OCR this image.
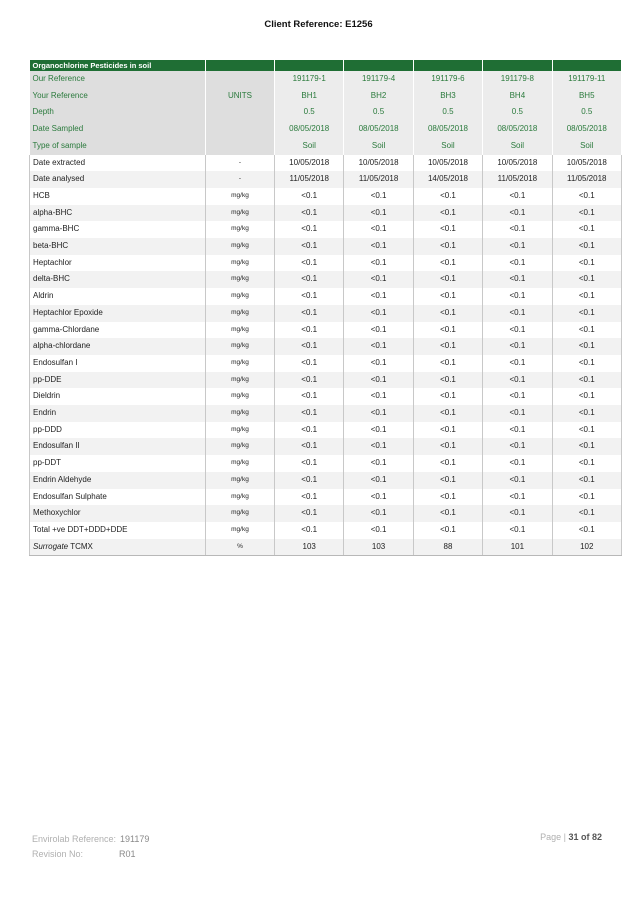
Client Reference: E1256
Organochlorine Pesticides in soil						
Our Reference		191179-1	191179-4	191179-6	191179-8	191179-11
Your Reference	UNITS	BH1	BH2	BH3	BH4	BH5
Depth		0.5	0.5	0.5	0.5	0.5
Date Sampled		08/05/2018	08/05/2018	08/05/2018	08/05/2018	08/05/2018
Type of sample		Soil	Soil	Soil	Soil	Soil
Date extracted	-	10/05/2018	10/05/2018	10/05/2018	10/05/2018	10/05/2018
Date analysed	-	11/05/2018	11/05/2018	14/05/2018	11/05/2018	11/05/2018
HCB	mg/kg	<0.1	<0.1	<0.1	<0.1	<0.1
alpha-BHC	mg/kg	<0.1	<0.1	<0.1	<0.1	<0.1
gamma-BHC	mg/kg	<0.1	<0.1	<0.1	<0.1	<0.1
beta-BHC	mg/kg	<0.1	<0.1	<0.1	<0.1	<0.1
Heptachlor	mg/kg	<0.1	<0.1	<0.1	<0.1	<0.1
delta-BHC	mg/kg	<0.1	<0.1	<0.1	<0.1	<0.1
Aldrin	mg/kg	<0.1	<0.1	<0.1	<0.1	<0.1
Heptachlor Epoxide	mg/kg	<0.1	<0.1	<0.1	<0.1	<0.1
gamma-Chlordane	mg/kg	<0.1	<0.1	<0.1	<0.1	<0.1
alpha-chlordane	mg/kg	<0.1	<0.1	<0.1	<0.1	<0.1
Endosulfan I	mg/kg	<0.1	<0.1	<0.1	<0.1	<0.1
pp-DDE	mg/kg	<0.1	<0.1	<0.1	<0.1	<0.1
Dieldrin	mg/kg	<0.1	<0.1	<0.1	<0.1	<0.1
Endrin	mg/kg	<0.1	<0.1	<0.1	<0.1	<0.1
pp-DDD	mg/kg	<0.1	<0.1	<0.1	<0.1	<0.1
Endosulfan II	mg/kg	<0.1	<0.1	<0.1	<0.1	<0.1
pp-DDT	mg/kg	<0.1	<0.1	<0.1	<0.1	<0.1
Endrin Aldehyde	mg/kg	<0.1	<0.1	<0.1	<0.1	<0.1
Endosulfan Sulphate	mg/kg	<0.1	<0.1	<0.1	<0.1	<0.1
Methoxychlor	mg/kg	<0.1	<0.1	<0.1	<0.1	<0.1
Total +ve DDT+DDD+DDE	mg/kg	<0.1	<0.1	<0.1	<0.1	<0.1
Surrogate TCMX	%	103	103	88	101	102
Envirolab Reference: 191179
Revision No:	R01
Page | 31 of 82
